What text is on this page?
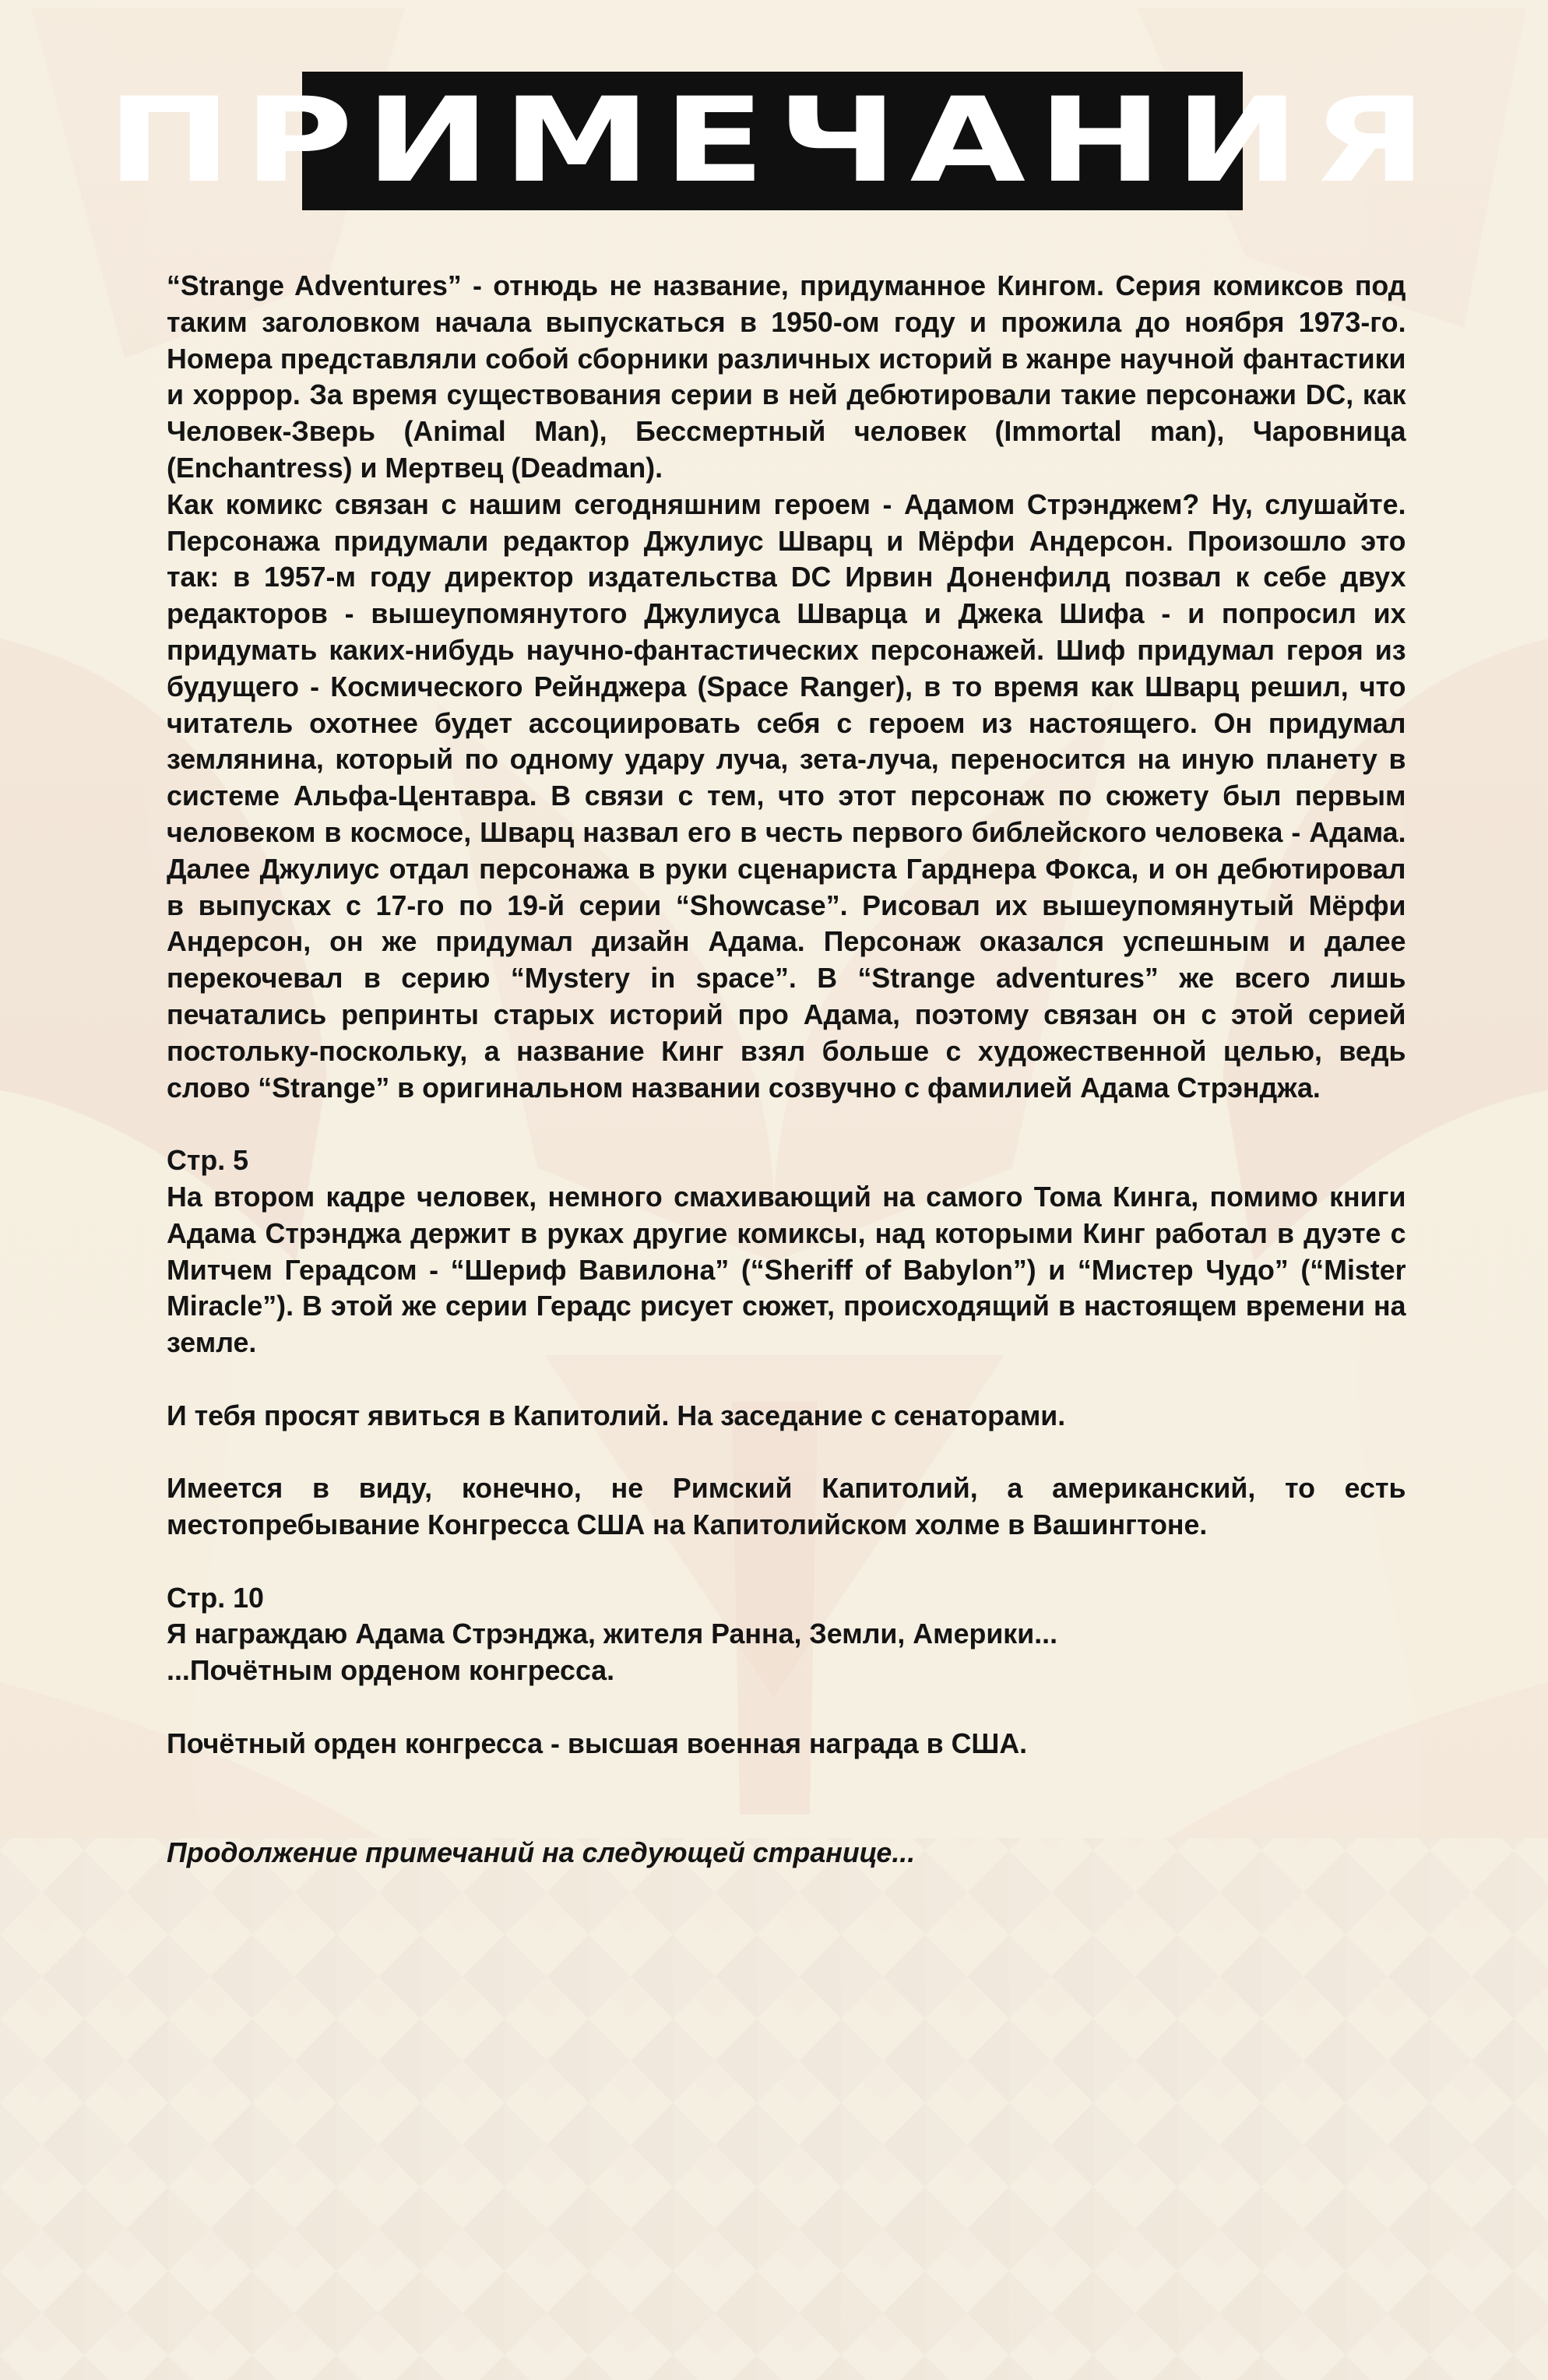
ПРИМЕЧАНИЯ

“Strange Adventures” - отнюдь не название, придуманное Кингом. Серия комиксов под таким заголовком начала выпускаться в 1950-ом году и прожила до ноября 1973-го. Номера представляли собой сборники различных историй в жанре научной фантастики и хоррор. За время существования серии в ней дебютировали такие персонажи DC, как Человек-Зверь (Animal Man), Бессмертный человек (Immortal man), Чаровница (Enchantress) и Мертвец (Deadman).

Как комикс связан с нашим сегодняшним героем - Адамом Стрэнджем? Ну, слушайте. Персонажа придумали редактор Джулиус Шварц и Мёрфи Андерсон. Произошло это так: в 1957-м году директор издательства DC Ирвин Доненфилд позвал к себе двух редакторов - вышеупомянутого Джулиуса Шварца и Джека Шифа - и попросил их придумать каких-нибудь научно-фантастических персонажей. Шиф придумал героя из будущего - Космического Рейнджера (Space Ranger), в то время как Шварц решил, что читатель охотнее будет ассоциировать себя с героем из настоящего. Он придумал землянина, который по одному удару луча, зета-луча, переносится на иную планету в системе Альфа-Центавра. В связи с тем, что этот персонаж по сюжету был первым человеком в космосе, Шварц назвал его в честь первого библейского человека - Адама. Далее Джулиус отдал персонажа в руки сценариста Гарднера Фокса, и он дебютировал в выпусках с 17-го по 19-й серии “Showcase”. Рисовал их вышеупомянутый Мёрфи Андерсон, он же придумал дизайн Адама. Персонаж оказался успешным и далее перекочевал в серию “Mystery in space”. В “Strange adventures” же всего лишь печатались репринты старых историй про Адама, поэтому связан он с этой серией постольку-поскольку, а название Кинг взял больше с художественной целью, ведь слово “Strange” в оригинальном названии созвучно с фамилией Адама Стрэнджа.

Стр. 5

На втором кадре человек, немного смахивающий на самого Тома Кинга, помимо книги Адама Стрэнджа держит в руках другие комиксы, над которыми Кинг работал в дуэте с Митчем Герадсом - “Шериф Вавилона” (“Sheriff of Babylon”) и “Мистер Чудо” (“Mister Miracle”). В этой же серии Герадс рисует сюжет, происходящий в настоящем времени на земле.

И тебя просят явиться в Капитолий. На заседание с сенаторами.

Имеется в виду, конечно, не Римский Капитолий, а американский, то есть местопребывание Конгресса США на Капитолийском холме в Вашингтоне.

Стр. 10

Я награждаю Адама Стрэнджа, жителя Ранна, Земли, Америки...

...Почётным орденом конгресса.

Почётный орден конгресса - высшая военная награда в США.

Продолжение примечаний на следующей странице...
